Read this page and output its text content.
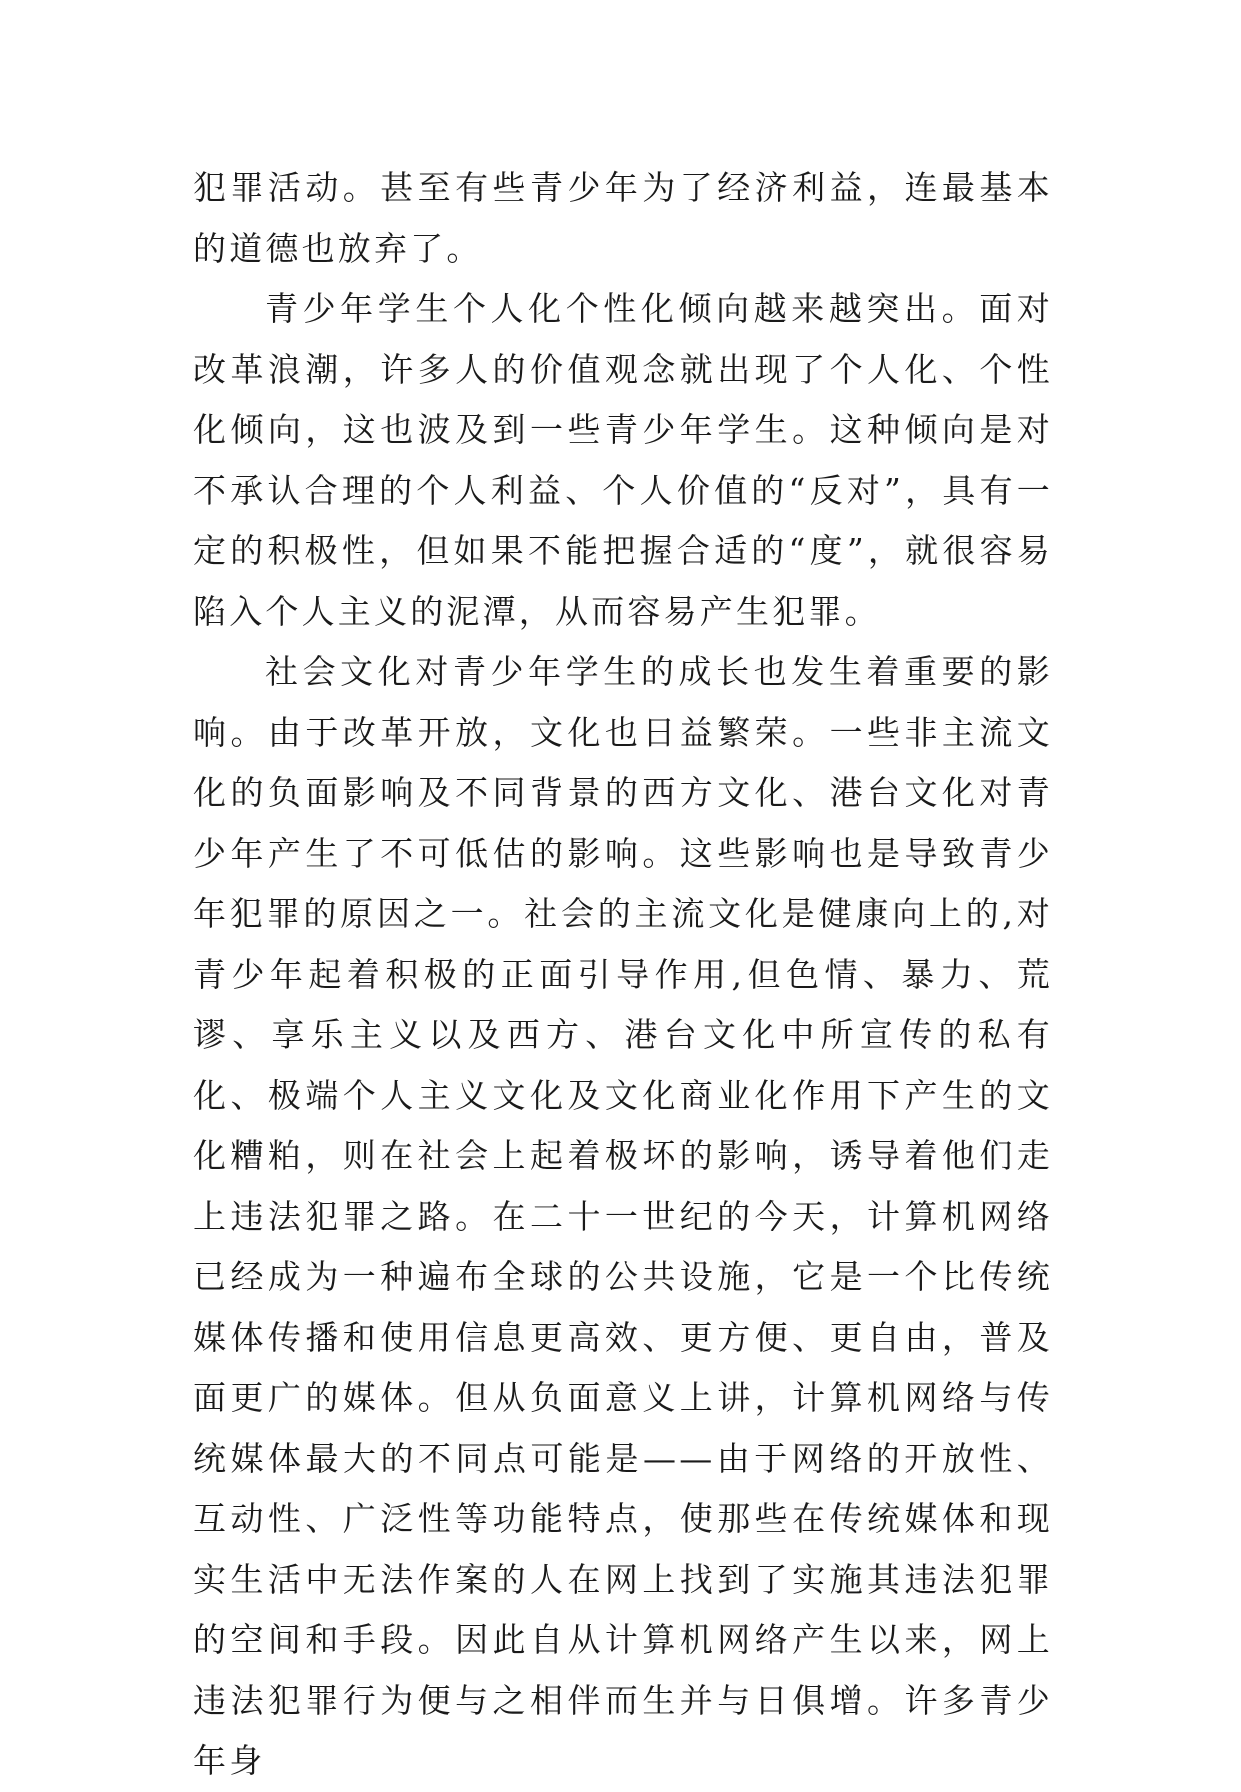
犯罪活动。甚至有些青少年为了经济利益，连最基本的道德也放弃了。

青少年学生个人化个性化倾向越来越突出。面对改革浪潮，许多人的价值观念就出现了个人化、个性化倾向，这也波及到一些青少年学生。这种倾向是对不承认合理的个人利益、个人价值的“反对”，具有一定的积极性，但如果不能把握合适的“度”，就很容易陷入个人主义的泥潭，从而容易产生犯罪。

社会文化对青少年学生的成长也发生着重要的影响。由于改革开放，文化也日益繁荣。一些非主流文化的负面影响及不同背景的西方文化、港台文化对青少年产生了不可低估的影响。这些影响也是导致青少年犯罪的原因之一。社会的主流文化是健康向上的,对青少年起着积极的正面引导作用,但色情、暴力、荒谬、享乐主义以及西方、港台文化中所宣传的私有化、极端个人主义文化及文化商业化作用下产生的文化糟粕，则在社会上起着极坏的影响，诱导着他们走上违法犯罪之路。在二十一世纪的今天，计算机网络已经成为一种遍布全球的公共设施，它是一个比传统媒体传播和使用信息更高效、更方便、更自由，普及面更广的媒体。但从负面意义上讲，计算机网络与传统媒体最大的不同点可能是——由于网络的开放性、互动性、广泛性等功能特点，使那些在传统媒体和现实生活中无法作案的人在网上找到了实施其违法犯罪的空间和手段。因此自从计算机网络产生以来，网上违法犯罪行为便与之相伴而生并与日俱增。许多青少年身
